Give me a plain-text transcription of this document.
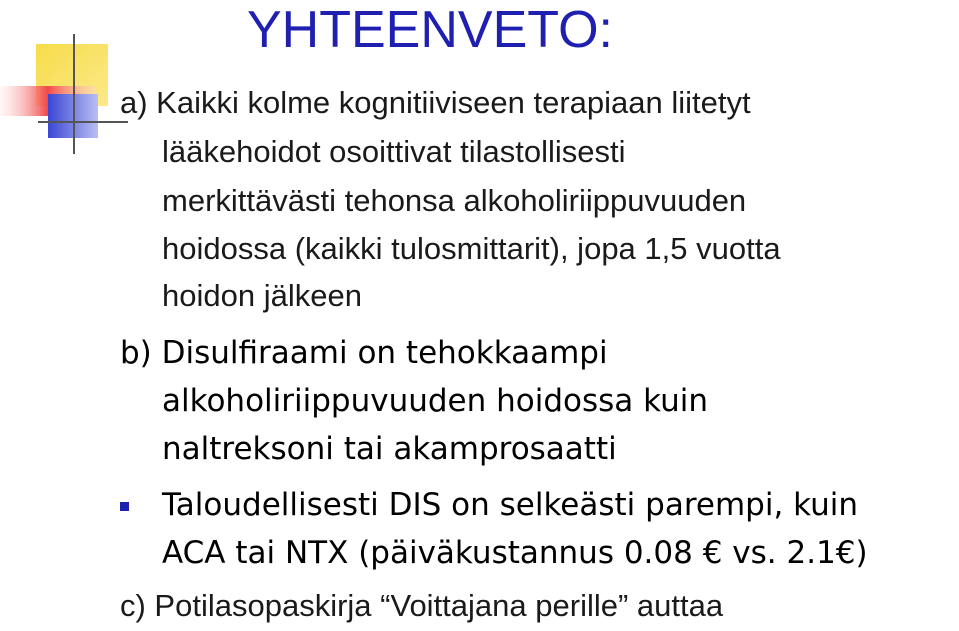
YHTEENVETO:
a) Kaikki kolme kognitiiviseen terapiaan liitetyt
lääkehoidot osoittivat tilastollisesti
merkittävästi tehonsa alkoholiriippuvuuden
hoidossa (kaikki tulosmittarit), jopa 1,5 vuotta
hoidon jälkeen
b) Disulfiraami on tehokkaampi
alkoholiriippuvuuden hoidossa kuin
naltreksoni tai akamprosaatti
Taloudellisesti DIS on selkeästi parempi, kuin
ACA tai NTX (päiväkustannus 0.08 € vs. 2.1€)
c) Potilasopaskirja “Voittajana perille” auttaa
